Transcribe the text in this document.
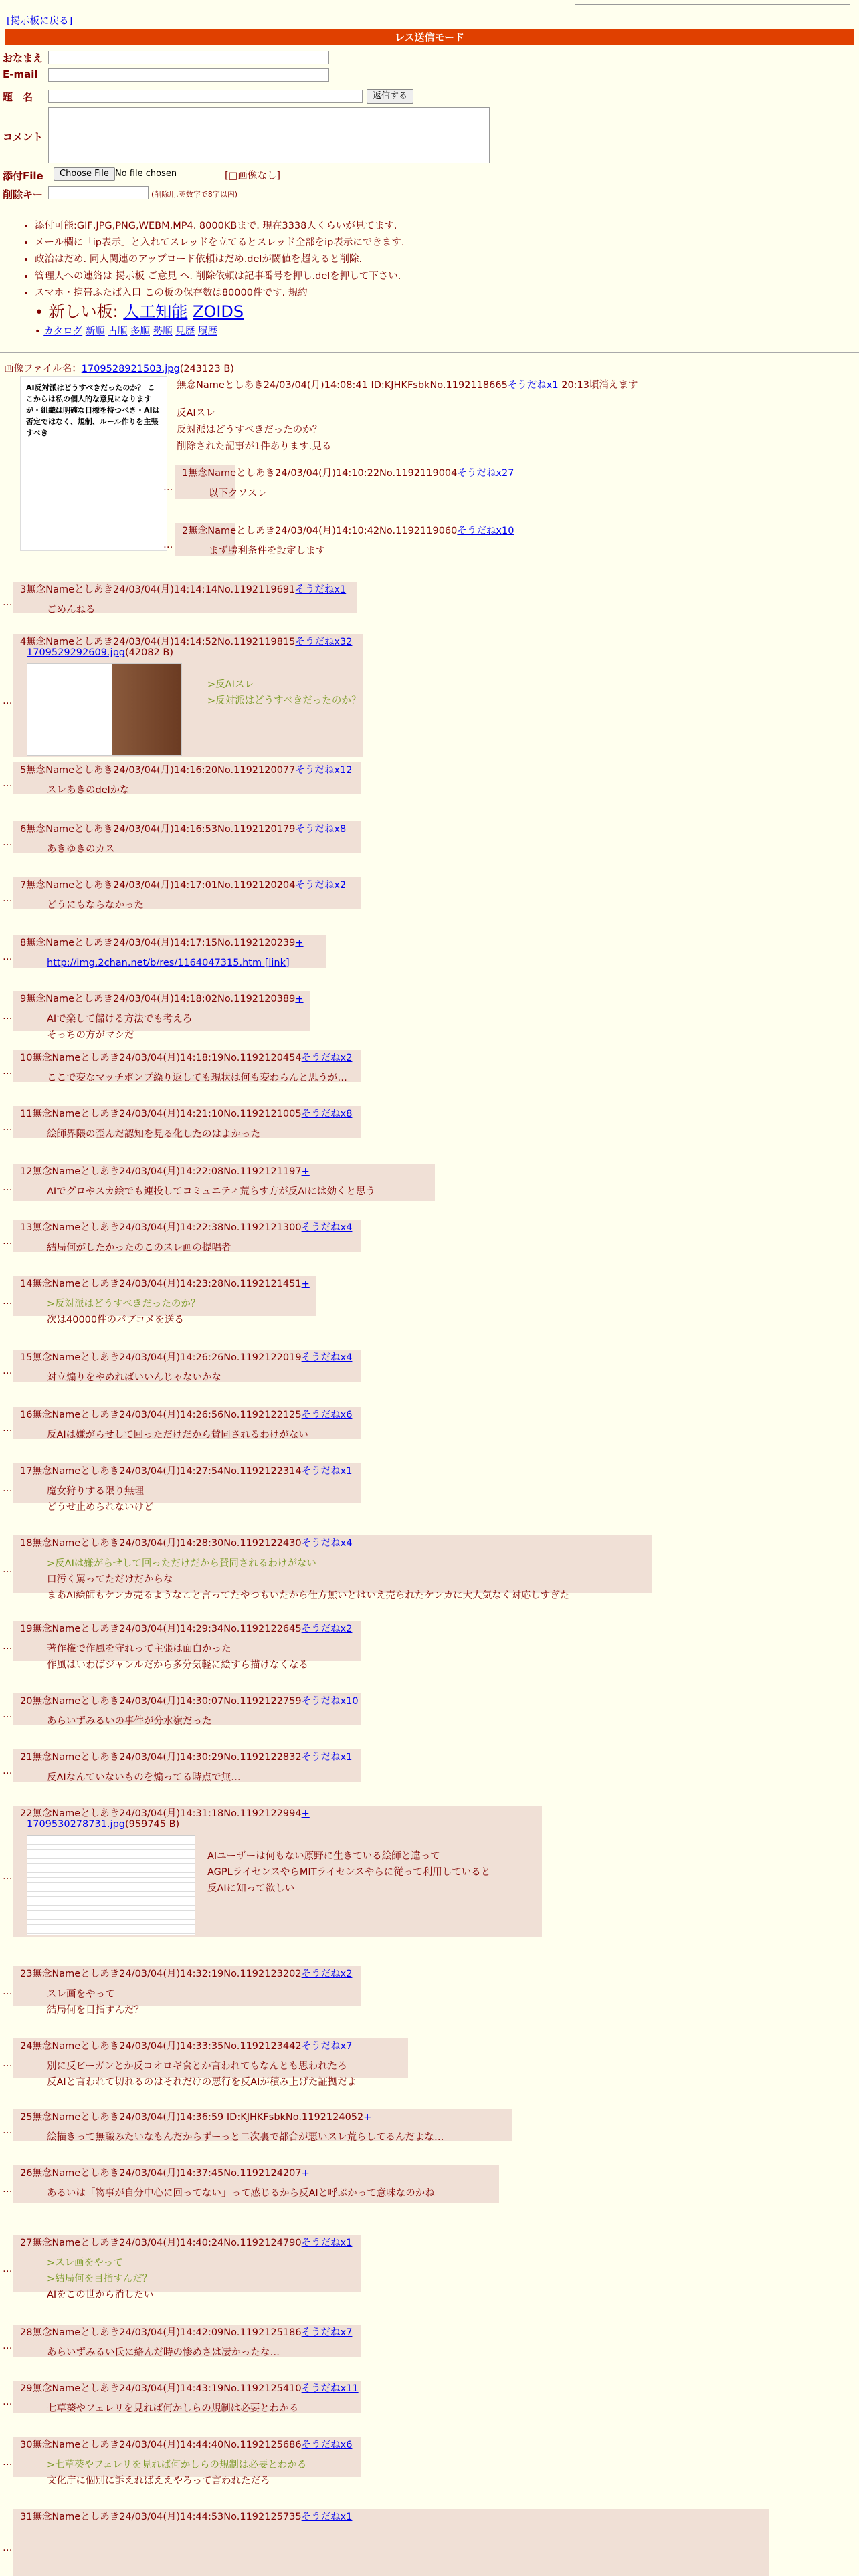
[掲示板に戻る]
レス送信モード
おなまえ
E-mail
題　名	返信する
コメント
添付File	Choose File No file chosen	[□画像なし]
削除キー	(削除用.英数字で8字以内)
• 添付可能:GIF,JPG,PNG,WEBM,MP4. 8000KBまで. 現在3338人くらいが見てます.
• メール欄に「ip表示」と入れてスレッドを立てるとスレッド全部をip表示にできます.
• 政治はだめ. 同人関連のアップロード依頼はだめ.delが閾値を超えると削除.
• 管理人への連絡は 掲示板 ご意見 へ. 削除依頼は記事番号を押し.delを押して下さい.
• スマホ・携帯ふたば入口 この板の保存数は80000件です. 規約
• 新しい板: 人工知能 ZOIDS
• カタログ 新順 古順 多順 勢順 見歴 履歴
画像ファイル名：1709528921503.jpg(243123 B)
AI反対派はどうすべきだったのか？ ここからは私の個人的な意見になりますが・組織は明確な目標を持つべき・AIは否定ではなく、規制、ルール作りを主張すべき
無念Nameとしあき24/03/04(月)14:08:41 ID:KJHKFsbkNo.1192118665そうだねx1 20:13頃消えます
反AIスレ
反対派はどうすべきだったのか？
削除された記事が1件あります.見る
…
1無念Nameとしあき24/03/04(月)14:10:22No.1192119004そうだねx27
以下クソスレ
…
2無念Nameとしあき24/03/04(月)14:10:42No.1192119060そうだねx10
まず勝利条件を設定します
…
3無念Nameとしあき24/03/04(月)14:14:14No.1192119691そうだねx1
ごめんねる
…
4無念Nameとしあき24/03/04(月)14:14:52No.1192119815そうだねx32
1709529292609.jpg(42082 B)
>反AIスレ
>反対派はどうすべきだったのか？
…
5無念Nameとしあき24/03/04(月)14:16:20No.1192120077そうだねx12
スレあきのdelかな
…
6無念Nameとしあき24/03/04(月)14:16:53No.1192120179そうだねx8
あきゆきのカス
…
7無念Nameとしあき24/03/04(月)14:17:01No.1192120204そうだねx2
どうにもならなかった
…
8無念Nameとしあき24/03/04(月)14:17:15No.1192120239+
http://img.2chan.net/b/res/1164047315.htm [link]
…
9無念Nameとしあき24/03/04(月)14:18:02No.1192120389+
AIで楽して儲ける方法でも考えろ
そっちの方がマシだ
…
10無念Nameとしあき24/03/04(月)14:18:19No.1192120454そうだねx2
ここで変なマッチポンプ繰り返しても現状は何も変わらんと思うが…
…
11無念Nameとしあき24/03/04(月)14:21:10No.1192121005そうだねx8
絵師界隈の歪んだ認知を見る化したのはよかった
…
12無念Nameとしあき24/03/04(月)14:22:08No.1192121197+
AIでグロやスカ絵でも連投してコミュニティ荒らす方が反AIには効くと思う
…
13無念Nameとしあき24/03/04(月)14:22:38No.1192121300そうだねx4
結局何がしたかったのこのスレ画の提唱者
…
14無念Nameとしあき24/03/04(月)14:23:28No.1192121451+
>反対派はどうすべきだったのか？
次は40000件のパブコメを送る
…
15無念Nameとしあき24/03/04(月)14:26:26No.1192122019そうだねx4
対立煽りをやめればいいんじゃないかな
…
16無念Nameとしあき24/03/04(月)14:26:56No.1192122125そうだねx6
反AIは嫌がらせして回っただけだから賛同されるわけがない
…
17無念Nameとしあき24/03/04(月)14:27:54No.1192122314そうだねx1
魔女狩りする限り無理
どうせ止められないけど
…
18無念Nameとしあき24/03/04(月)14:28:30No.1192122430そうだねx4
>反AIは嫌がらせして回っただけだから賛同されるわけがない
口汚く罵ってただけだからな
まあAI絵師もケンカ売るようなこと言ってたやつもいたから仕方無いとはいえ売られたケンカに大人気なく対応しすぎた
…
19無念Nameとしあき24/03/04(月)14:29:34No.1192122645そうだねx2
著作権で作風を守れって主張は面白かった
作風はいわばジャンルだから多分気軽に絵すら描けなくなる
…
20無念Nameとしあき24/03/04(月)14:30:07No.1192122759そうだねx10
あらいずみるいの事件が分水嶺だった
…
21無念Nameとしあき24/03/04(月)14:30:29No.1192122832そうだねx1
反AIなんていないものを煽ってる時点で無…
…
22無念Nameとしあき24/03/04(月)14:31:18No.1192122994+
1709530278731.jpg(959745 B)
AIユーザーは何もない原野に生きている絵師と違って
AGPLライセンスやらMITライセンスやらに従って利用していると
反AIに知って欲しい
…
23無念Nameとしあき24/03/04(月)14:32:19No.1192123202そうだねx2
スレ画をやって
結局何を目指すんだ？
…
24無念Nameとしあき24/03/04(月)14:33:35No.1192123442そうだねx7
別に反ビーガンとか反コオロギ食とか言われてもなんとも思われたろ
反AIと言われて切れるのはそれだけの悪行を反AIが積み上げた証拠だよ
…
25無念Nameとしあき24/03/04(月)14:36:59 ID:KJHKFsbkNo.1192124052+
絵描きって無職みたいなもんだからずーっと二次裏で都合が悪いスレ荒らしてるんだよな…
…
26無念Nameとしあき24/03/04(月)14:37:45No.1192124207+
あるいは「物事が自分中心に回ってない」って感じるから反AIと呼ぶかって意味なのかね
…
27無念Nameとしあき24/03/04(月)14:40:24No.1192124790そうだねx1
>スレ画をやって
>結局何を目指すんだ？
AIをこの世から消したい
…
28無念Nameとしあき24/03/04(月)14:42:09No.1192125186そうだねx7
あらいずみるい氏に絡んだ時の惨めさは凄かったな…
…
29無念Nameとしあき24/03/04(月)14:43:19No.1192125410そうだねx11
七草葵やフェレリを見れば何かしらの規制は必要とわかる
…
30無念Nameとしあき24/03/04(月)14:44:40No.1192125686そうだねx6
>七草葵やフェレリを見れば何かしらの規制は必要とわかる
文化庁に個別に訴えればええやろって言われただろ
…
31無念Nameとしあき24/03/04(月)14:44:53No.1192125735そうだねx1
